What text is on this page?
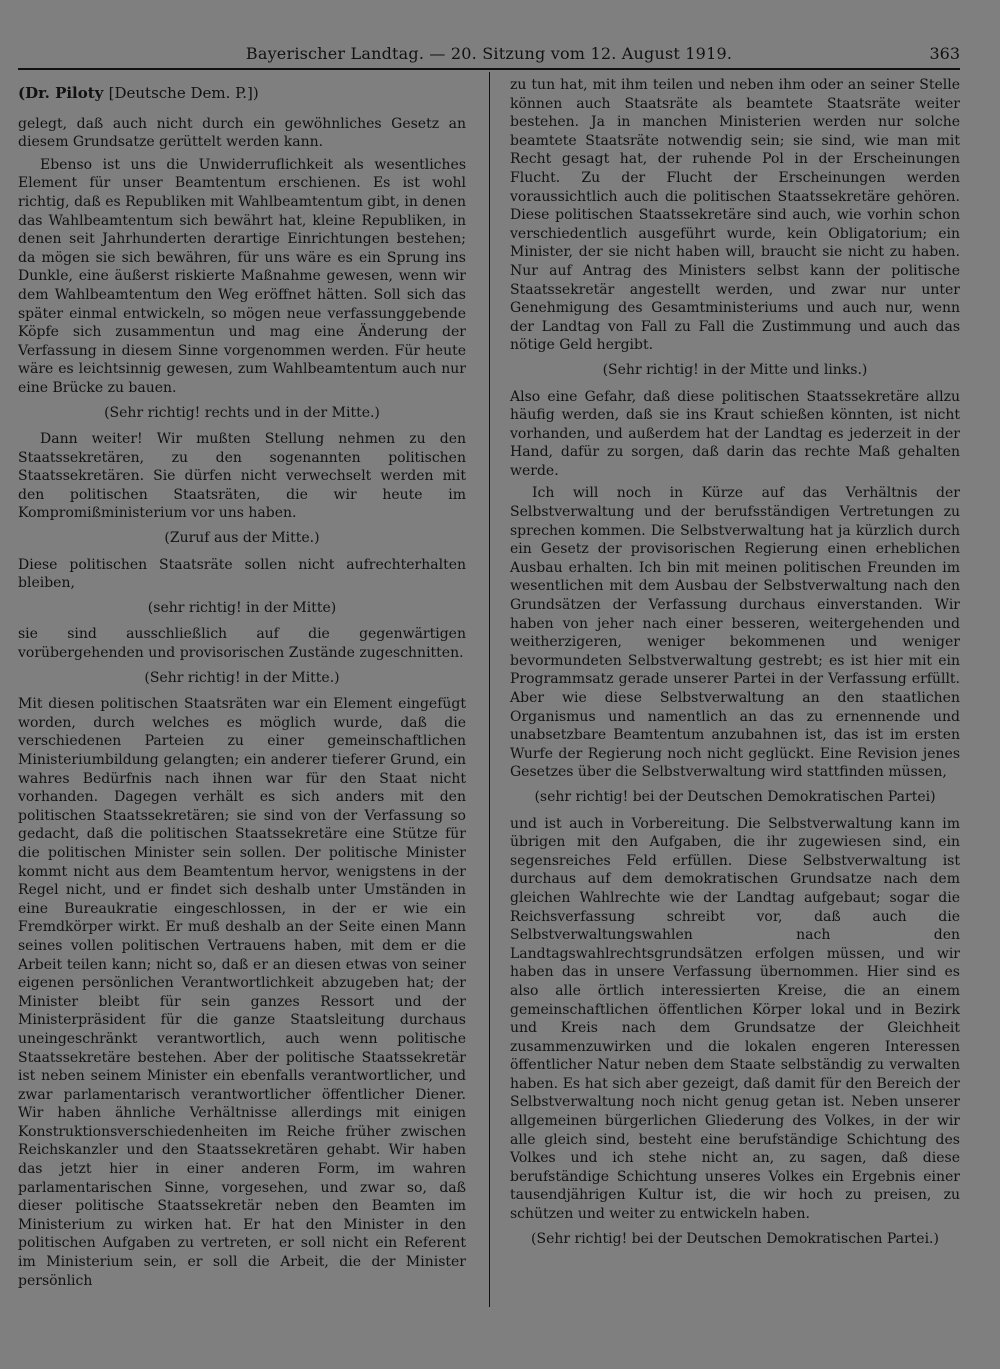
Bayerischer Landtag. — 20. Sitzung vom 12. August 1919.	363

(Dr. Piloty [Deutsche Dem. P.])

gelegt, daß auch nicht durch ein gewöhnliches Gesetz an diesem Grundsatze gerüttelt werden kann.

Ebenso ist uns die Unwiderruflichkeit als wesentliches Element für unser Beamtentum erschienen. Es ist wohl richtig, daß es Republiken mit Wahlbeamtentum gibt, in denen das Wahlbeamtentum sich bewährt hat, kleine Republiken, in denen seit Jahrhunderten derartige Einrichtungen bestehen; da mögen sie sich bewähren, für uns wäre es ein Sprung ins Dunkle, eine äußerst riskierte Maßnahme gewesen, wenn wir dem Wahlbeamtentum den Weg eröffnet hätten. Soll sich das später einmal entwickeln, so mögen neue verfassunggebende Köpfe sich zusammentun und mag eine Änderung der Verfassung in diesem Sinne vorgenommen werden. Für heute wäre es leichtsinnig gewesen, zum Wahlbeamtentum auch nur eine Brücke zu bauen.

(Sehr richtig! rechts und in der Mitte.)

Dann weiter! Wir mußten Stellung nehmen zu den Staatssekretären, zu den sogenannten politischen Staatssekretären. Sie dürfen nicht verwechselt werden mit den politischen Staatsräten, die wir heute im Kompromißministerium vor uns haben.

(Zuruf aus der Mitte.)

Diese politischen Staatsräte sollen nicht aufrechterhalten bleiben,

(sehr richtig! in der Mitte)

sie sind ausschließlich auf die gegenwärtigen vorübergehenden und provisorischen Zustände zugeschnitten.

(Sehr richtig! in der Mitte.)

Mit diesen politischen Staatsräten war ein Element eingefügt worden, durch welches es möglich wurde, daß die verschiedenen Parteien zu einer gemeinschaftlichen Ministeriumbildung gelangten; ein anderer tieferer Grund, ein wahres Bedürfnis nach ihnen war für den Staat nicht vorhanden. Dagegen verhält es sich anders mit den politischen Staatssekretären; sie sind von der Verfassung so gedacht, daß die politischen Staatssekretäre eine Stütze für die politischen Minister sein sollen. Der politische Minister kommt nicht aus dem Beamtentum hervor, wenigstens in der Regel nicht, und er findet sich deshalb unter Umständen in eine Bureaukratie eingeschlossen, in der er wie ein Fremdkörper wirkt. Er muß deshalb an der Seite einen Mann seines vollen politischen Vertrauens haben, mit dem er die Arbeit teilen kann; nicht so, daß er an diesen etwas von seiner eigenen persönlichen Verantwortlichkeit abzugeben hat; der Minister bleibt für sein ganzes Ressort und der Ministerpräsident für die ganze Staatsleitung durchaus uneingeschränkt verantwortlich, auch wenn politische Staatssekretäre bestehen. Aber der politische Staatssekretär ist neben seinem Minister ein ebenfalls verantwortlicher, und zwar parlamentarisch verantwortlicher öffentlicher Diener. Wir haben ähnliche Verhältnisse allerdings mit einigen Konstruktionsverschiedenheiten im Reiche früher zwischen Reichskanzler und den Staatssekretären gehabt. Wir haben das jetzt hier in einer anderen Form, im wahren parlamentarischen Sinne, vorgesehen, und zwar so, daß dieser politische Staatssekretär neben den Beamten im Ministerium zu wirken hat. Er hat den Minister in den politischen Aufgaben zu vertreten, er soll nicht ein Referent im Ministerium sein, er soll die Arbeit, die der Minister persönlich

zu tun hat, mit ihm teilen und neben ihm oder an seiner Stelle können auch Staatsräte als beamtete Staatsräte weiter bestehen. Ja in manchen Ministerien werden nur solche beamtete Staatsräte notwendig sein; sie sind, wie man mit Recht gesagt hat, der ruhende Pol in der Erscheinungen Flucht. Zu der Flucht der Erscheinungen werden voraussichtlich auch die politischen Staatssekretäre gehören. Diese politischen Staatssekretäre sind auch, wie vorhin schon verschiedentlich ausgeführt wurde, kein Obligatorium; ein Minister, der sie nicht haben will, braucht sie nicht zu haben. Nur auf Antrag des Ministers selbst kann der politische Staatssekretär angestellt werden, und zwar nur unter Genehmigung des Gesamtministeriums und auch nur, wenn der Landtag von Fall zu Fall die Zustimmung und auch das nötige Geld hergibt.

(Sehr richtig! in der Mitte und links.)

Also eine Gefahr, daß diese politischen Staatssekretäre allzu häufig werden, daß sie ins Kraut schießen könnten, ist nicht vorhanden, und außerdem hat der Landtag es jederzeit in der Hand, dafür zu sorgen, daß darin das rechte Maß gehalten werde.

Ich will noch in Kürze auf das Verhältnis der Selbstverwaltung und der berufsständigen Vertretungen zu sprechen kommen. Die Selbstverwaltung hat ja kürzlich durch ein Gesetz der provisorischen Regierung einen erheblichen Ausbau erhalten. Ich bin mit meinen politischen Freunden im wesentlichen mit dem Ausbau der Selbstverwaltung nach den Grundsätzen der Verfassung durchaus einverstanden. Wir haben von jeher nach einer besseren, weitergehenden und weitherzigeren, weniger bekommenen und weniger bevormundeten Selbstverwaltung gestrebt; es ist hier mit ein Programmsatz gerade unserer Partei in der Verfassung erfüllt. Aber wie diese Selbstverwaltung an den staatlichen Organismus und namentlich an das zu ernennende und unabsetzbare Beamtentum anzubahnen ist, das ist im ersten Wurfe der Regierung noch nicht geglückt. Eine Revision jenes Gesetzes über die Selbstverwaltung wird stattfinden müssen,

(sehr richtig! bei der Deutschen Demokratischen Partei)

und ist auch in Vorbereitung. Die Selbstverwaltung kann im übrigen mit den Aufgaben, die ihr zugewiesen sind, ein segensreiches Feld erfüllen. Diese Selbstverwaltung ist durchaus auf dem demokratischen Grundsatze nach dem gleichen Wahlrechte wie der Landtag aufgebaut; sogar die Reichsverfassung schreibt vor, daß auch die Selbstverwaltungswahlen nach den Landtagswahlrechtsgrundsätzen erfolgen müssen, und wir haben das in unsere Verfassung übernommen. Hier sind es also alle örtlich interessierten Kreise, die an einem gemeinschaftlichen öffentlichen Körper lokal und in Bezirk und Kreis nach dem Grundsatze der Gleichheit zusammenzuwirken und die lokalen engeren Interessen öffentlicher Natur neben dem Staate selbständig zu verwalten haben. Es hat sich aber gezeigt, daß damit für den Bereich der Selbstverwaltung noch nicht genug getan ist. Neben unserer allgemeinen bürgerlichen Gliederung des Volkes, in der wir alle gleich sind, besteht eine berufständige Schichtung des Volkes und ich stehe nicht an, zu sagen, daß diese berufständige Schichtung unseres Volkes ein Ergebnis einer tausendjährigen Kultur ist, die wir hoch zu preisen, zu schützen und weiter zu entwickeln haben.

(Sehr richtig! bei der Deutschen Demokratischen Partei.)
